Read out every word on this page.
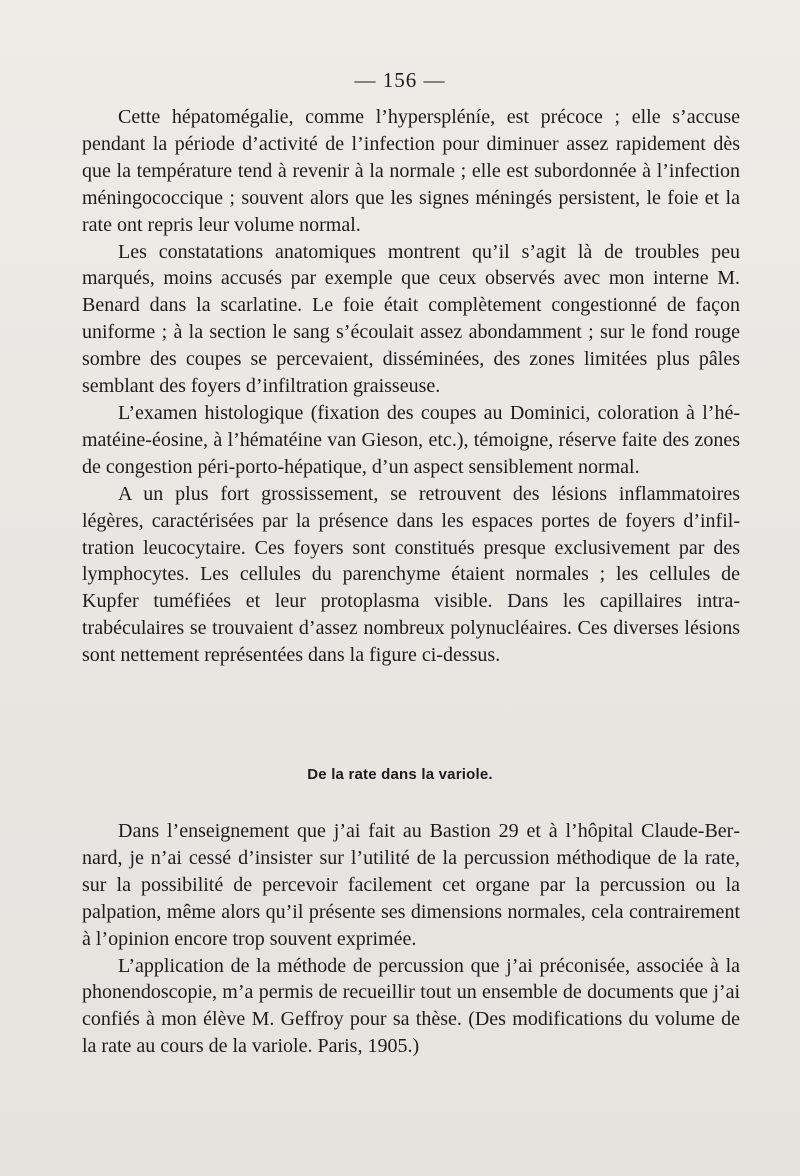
— 156 —

Cette hépatomégalie, comme l’hyperspléníe, est précoce ; elle s’accuse pendant la période d’activité de l’infection pour diminuer assez rapidement dès que la température tend à revenir à la normale ; elle est subordonnée à l’infection méningococcique ; souvent alors que les signes méningés persistent, le foie et la rate ont repris leur volume normal.

Les constatations anatomiques montrent qu’il s’agit là de troubles peu marqués, moins accusés par exemple que ceux observés avec mon interne M. Benard dans la scarlatine. Le foie était complètement congestionné de façon uniforme ; à la section le sang s’écoulait assez abondamment ; sur le fond rouge sombre des coupes se percevaient, disséminées, des zones limitées plus pâles semblant des foyers d’infiltration graisseuse.

L’examen histologique (fixation des coupes au Dominici, coloration à l’hématéine-éosine, à l’hématéine van Gieson, etc.), témoigne, réserve faite des zones de congestion péri-porto-hépatique, d’un aspect sensiblement normal.

A un plus fort grossissement, se retrouvent des lésions inflammatoires légères, caractérisées par la présence dans les espaces portes de foyers d’infiltration leucocytaire. Ces foyers sont constitués presque exclusivement par des lymphocytes. Les cellules du parenchyme étaient normales ; les cellules de Kupfer tuméfiées et leur protoplasma visible. Dans les capillaires intratrabéculaires se trouvaient d’assez nombreux polynucléaires. Ces diverses lésions sont nettement représentées dans la figure ci-dessus.

De la rate dans la variole.

Dans l’enseignement que j’ai fait au Bastion 29 et à l’hôpital Claude-Bernard, je n’ai cessé d’insister sur l’utilité de la percussion méthodique de la rate, sur la possibilité de percevoir facilement cet organe par la percussion ou la palpation, même alors qu’il présente ses dimensions normales, cela contrairement à l’opinion encore trop souvent exprimée.

L’application de la méthode de percussion que j’ai préconisée, associée à la phonendoscopie, m’a permis de recueillir tout un ensemble de documents que j’ai confiés à mon élève M. Geffroy pour sa thèse. (Des modifications du volume de la rate au cours de la variole. Paris, 1905.)
